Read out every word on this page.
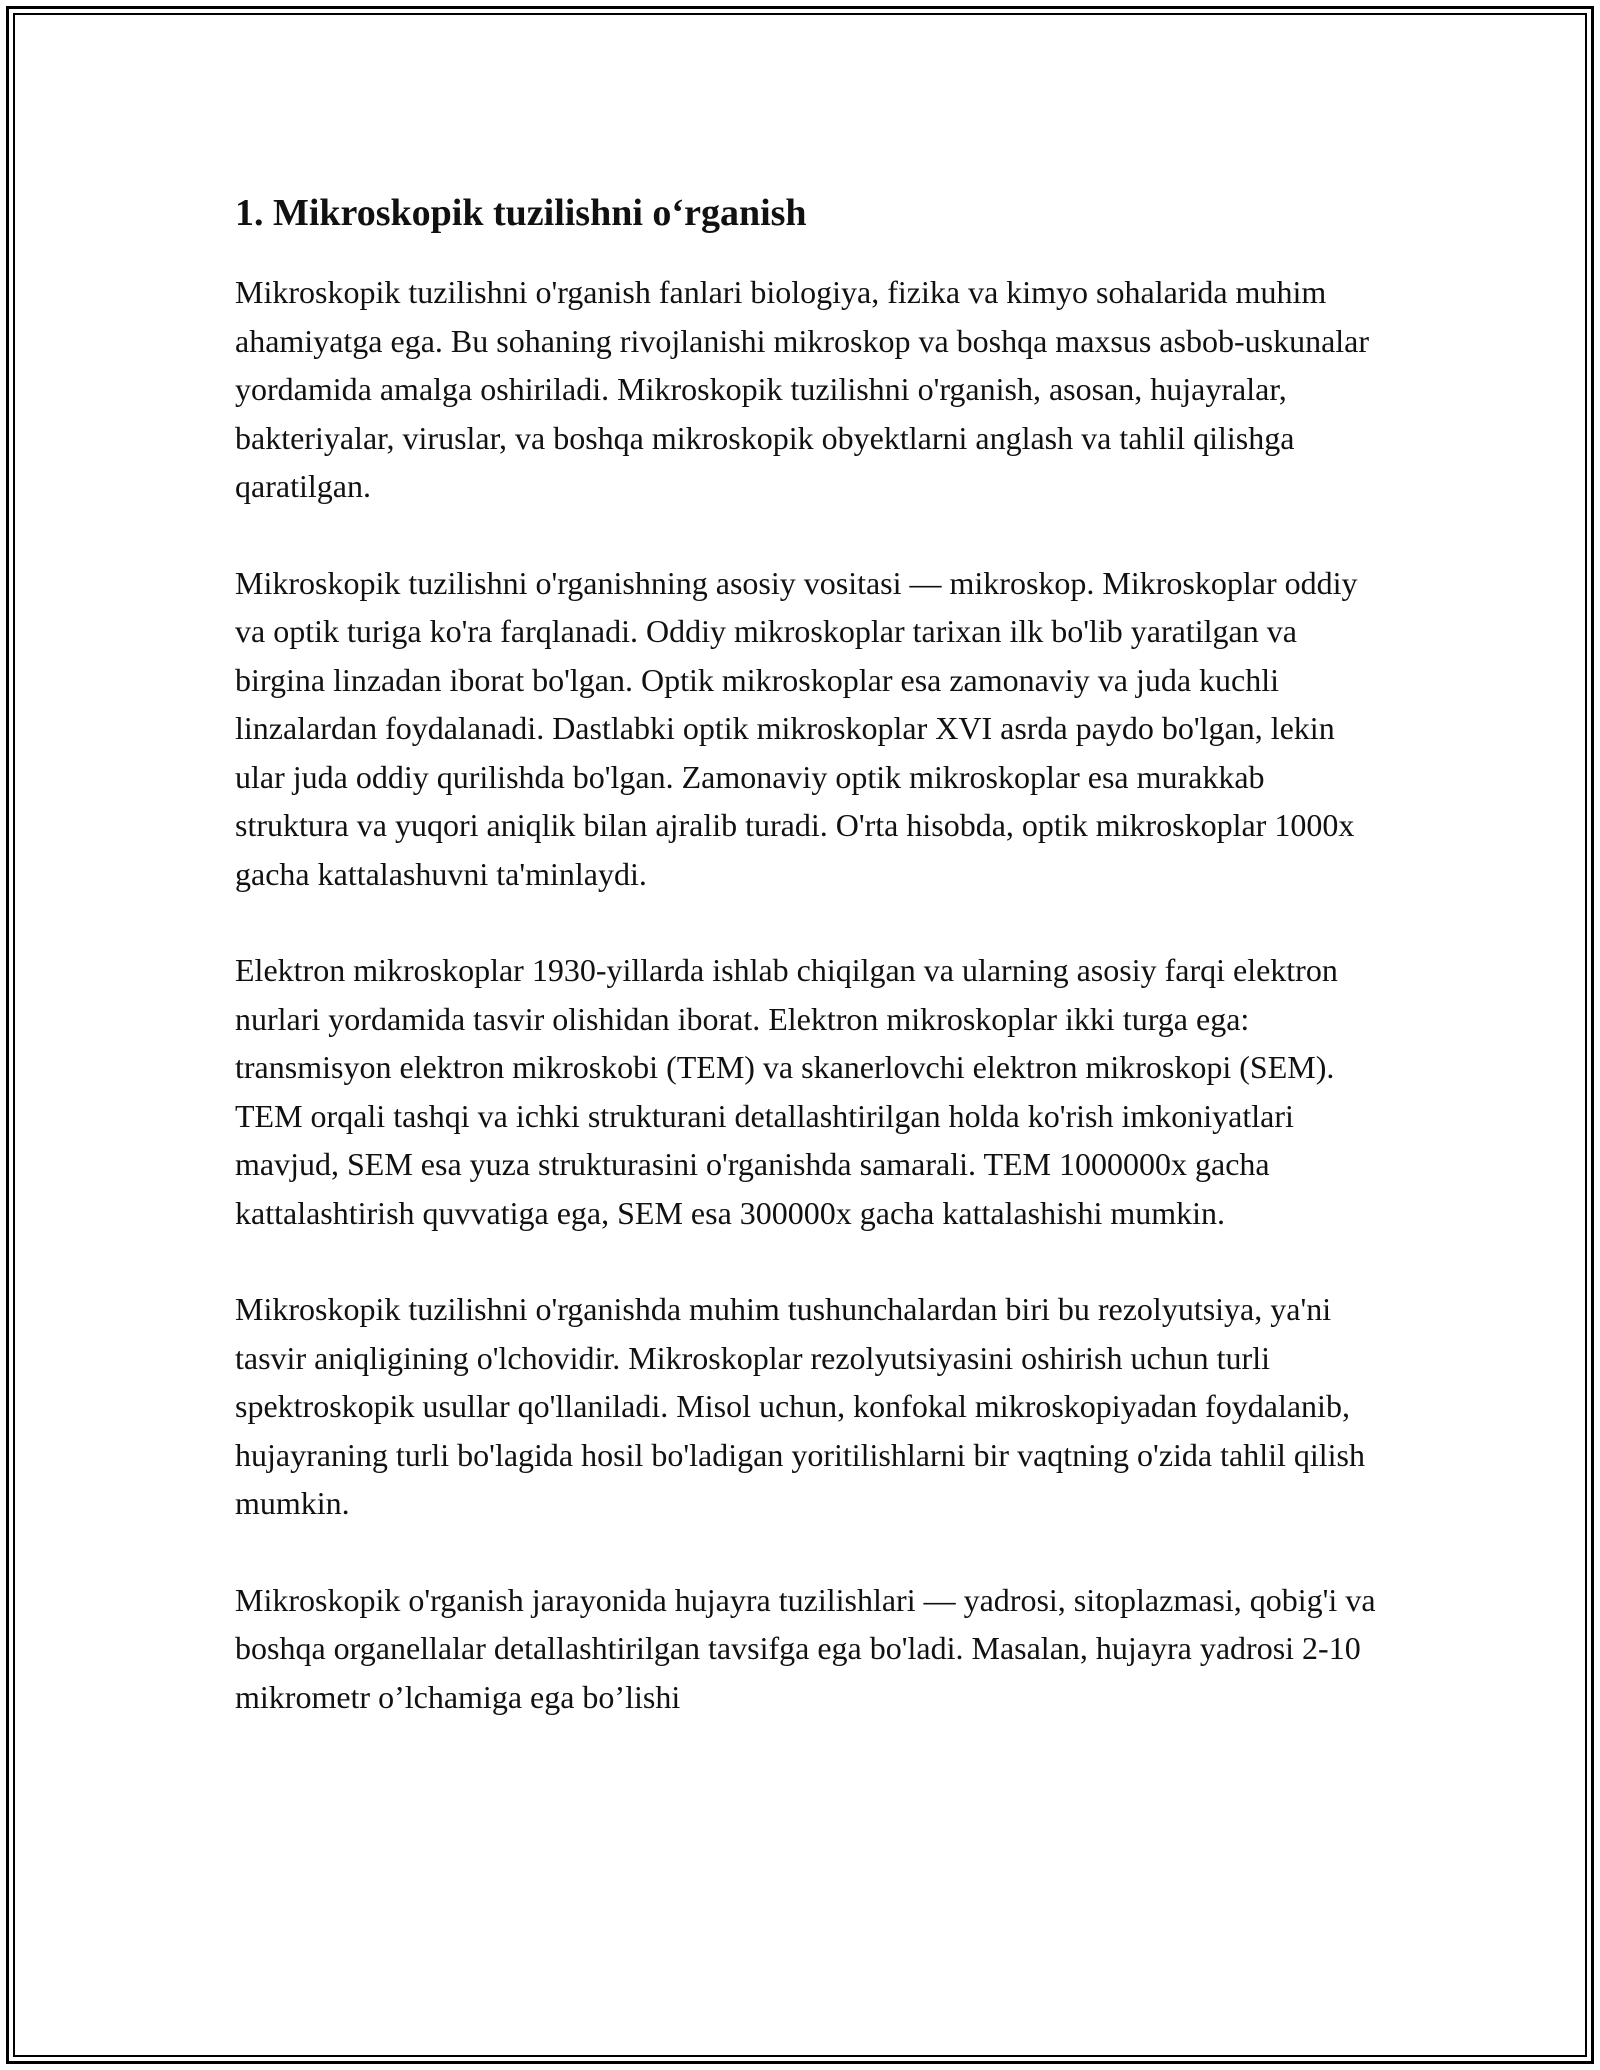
1. Mikroskopik tuzilishni o‘rganish

Mikroskopik tuzilishni o'rganish fanlari biologiya, fizika va kimyo sohalarida muhim ahamiyatga ega. Bu sohaning rivojlanishi mikroskop va boshqa maxsus asbob-uskunalar yordamida amalga oshiriladi. Mikroskopik tuzilishni o'rganish, asosan, hujayralar, bakteriyalar, viruslar, va boshqa mikroskopik obyektlarni anglash va tahlil qilishga qaratilgan.

Mikroskopik tuzilishni o'rganishning asosiy vositasi — mikroskop. Mikroskoplar oddiy va optik turiga ko'ra farqlanadi. Oddiy mikroskoplar tarixan ilk bo'lib yaratilgan va birgina linzadan iborat bo'lgan. Optik mikroskoplar esa zamonaviy va juda kuchli linzalardan foydalanadi. Dastlabki optik mikroskoplar XVI asrda paydo bo'lgan, lekin ular juda oddiy qurilishda bo'lgan. Zamonaviy optik mikroskoplar esa murakkab struktura va yuqori aniqlik bilan ajralib turadi. O'rta hisobda, optik mikroskoplar 1000x gacha kattalashuvni ta'minlaydi.

Elektron mikroskoplar 1930-yillarda ishlab chiqilgan va ularning asosiy farqi elektron nurlari yordamida tasvir olishidan iborat. Elektron mikroskoplar ikki turga ega: transmisyon elektron mikroskobi (TEM) va skanerlovchi elektron mikroskopi (SEM). TEM orqali tashqi va ichki strukturani detallashtirilgan holda ko'rish imkoniyatlari mavjud, SEM esa yuza strukturasini o'rganishda samarali. TEM 1000000x gacha kattalashtirish quvvatiga ega, SEM esa 300000x gacha kattalashishi mumkin.

Mikroskopik tuzilishni o'rganishda muhim tushunchalardan biri bu rezolyutsiya, ya'ni tasvir aniqligining o'lchovidir. Mikroskoplar rezolyutsiyasini oshirish uchun turli spektroskopik usullar qo'llaniladi. Misol uchun, konfokal mikroskopiyadan foydalanib, hujayraning turli bo'lagida hosil bo'ladigan yoritilishlarni bir vaqtning o'zida tahlil qilish mumkin.

Mikroskopik o'rganish jarayonida hujayra tuzilishlari — yadrosi, sitoplazmasi, qobig'i va boshqa organellalar detallashtirilgan tavsifga ega bo'ladi. Masalan, hujayra yadrosi 2-10 mikrometr o’lchamiga ega bo’lishi
